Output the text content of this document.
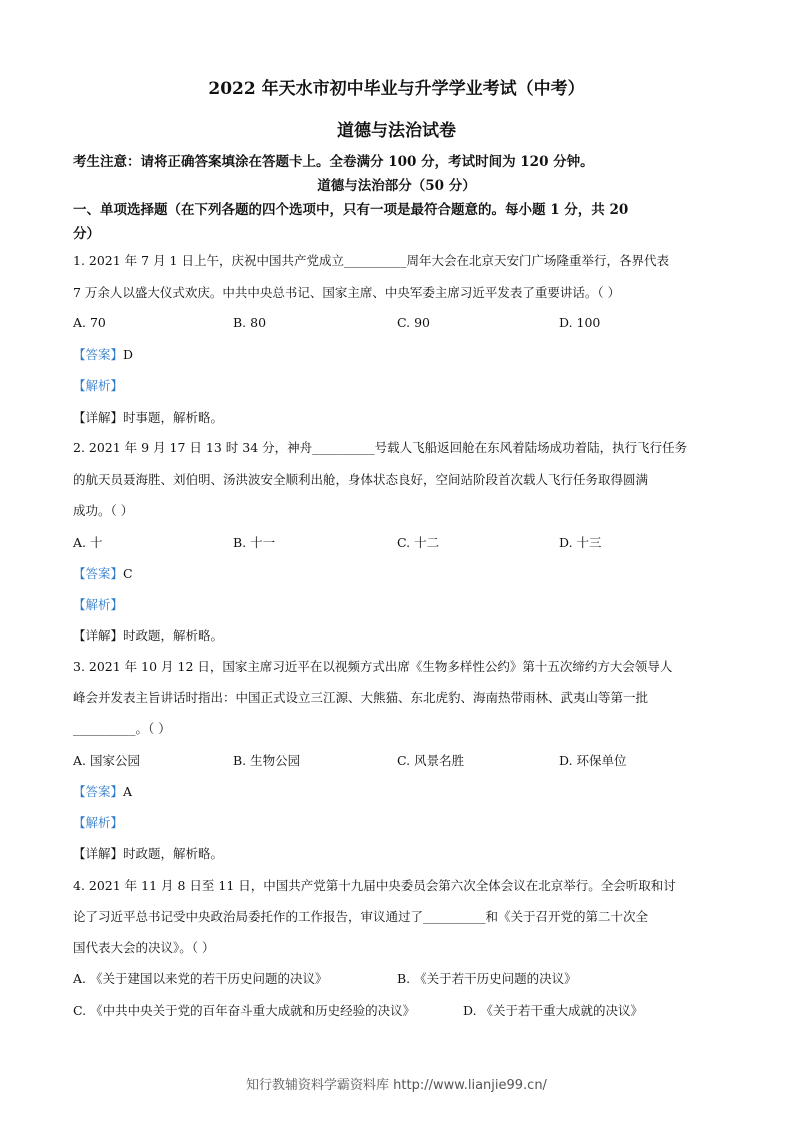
2022 年天水市初中毕业与升学学业考试（中考）
道德与法治试卷
考生注意：请将正确答案填涂在答题卡上。全卷满分 100 分，考试时间为 120 分钟。
道德与法治部分（50 分）
一、单项选择题（在下列各题的四个选项中，只有一项是最符合题意的。每小题 1 分，共 20
分）
1. 2021 年 7 月 1 日上午，庆祝中国共产党成立__________周年大会在北京天安门广场隆重举行，各界代表
7 万余人以盛大仪式欢庆。中共中央总书记、国家主席、中央军委主席习近平发表了重要讲话。（ ）
A. 70	B. 80	C. 90	D. 100
【答案】D
【解析】
【详解】时事题，解析略。
2. 2021 年 9 月 17 日 13 时 34 分，神舟__________号载人飞船返回舱在东风着陆场成功着陆，执行飞行任务
的航天员聂海胜、刘伯明、汤洪波安全顺利出舱，身体状态良好，空间站阶段首次载人飞行任务取得圆满
成功。（ ）
A. 十	B. 十一	C. 十二	D. 十三
【答案】C
【解析】
【详解】时政题，解析略。
3. 2021 年 10 月 12 日，国家主席习近平在以视频方式出席《生物多样性公约》第十五次缔约方大会领导人
峰会并发表主旨讲话时指出：中国正式设立三江源、大熊猫、东北虎豹、海南热带雨林、武夷山等第一批
__________。（ ）
A. 国家公园	B. 生物公园	C. 风景名胜	D. 环保单位
【答案】A
【解析】
【详解】时政题，解析略。
4. 2021 年 11 月 8 日至 11 日，中国共产党第十九届中央委员会第六次全体会议在北京举行。全会听取和讨
论了习近平总书记受中央政治局委托作的工作报告，审议通过了__________和《关于召开党的第二十次全
国代表大会的决议》。（ ）
A. 《关于建国以来党的若干历史问题的决议》	B. 《关于若干历史问题的决议》
C. 《中共中央关于党的百年奋斗重大成就和历史经验的决议》	D. 《关于若干重大成就的决议》
知行教辅资料学霸资料库 http://www.lianjie99.cn/
